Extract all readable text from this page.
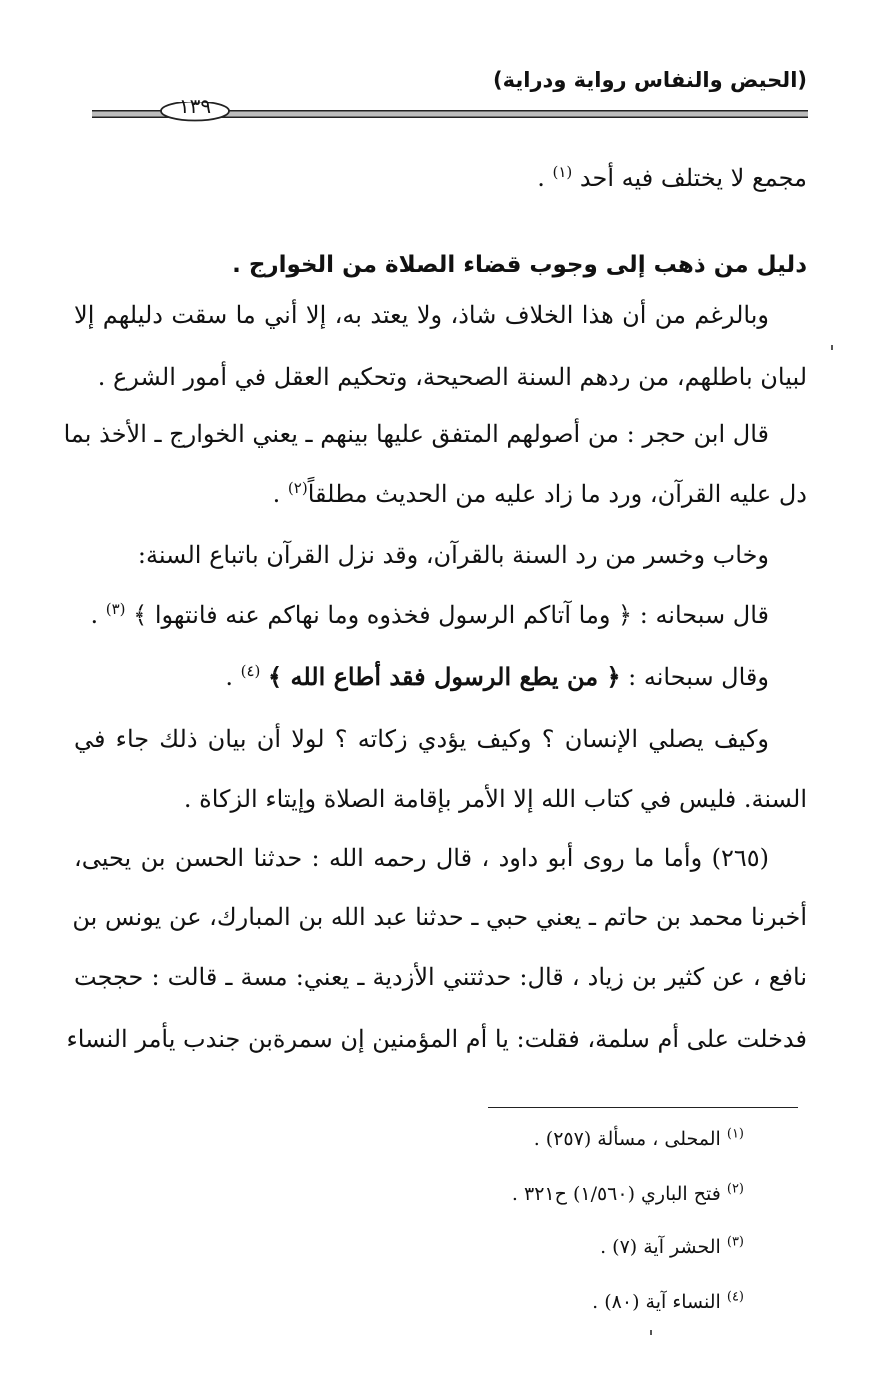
(الحيض والنفاس رواية ودراية)
١٣٩
مجمع لا يختلف فيه أحد $^{(١)}$ .
دليل من ذهب إلى وجوب قضاء الصلاة من الخوارج .
وبالرغم من أن هذا الخلاف شاذ، ولا يعتد به، إلا أني ما سقت دليلهم إلا
لبيان باطلهم، من ردهم السنة الصحيحة، وتحكيم العقل في أمور الشرع .
قال ابن حجر : من أصولهم المتفق عليها بينهم ـ يعني الخوارج ـ الأخذ بما
دل عليه القرآن، ورد ما زاد عليه من الحديث مطلقاً$^{(٢)}$ .
وخاب وخسر من رد السنة بالقرآن، وقد نزل القرآن باتباع السنة:
قال سبحانه : ﴿ وما آتاكم الرسول فخذوه وما نهاكم عنه فانتهوا ﴾ $^{(٣)}$ .
وقال سبحانه : ﴿ من يطع الرسول فقد أطاع الله ﴾ $^{(٤)}$ .
وكيف يصلي الإنسان ؟ وكيف يؤدي زكاته ؟ لولا أن بيان ذلك جاء في
السنة. فليس في كتاب الله إلا الأمر بإقامة الصلاة وإيتاء الزكاة .
(٢٦٥) وأما ما روى أبو داود ، قال رحمه الله : حدثنا الحسن بن يحيى،
أخبرنا محمد بن حاتم ـ يعني حبي ـ حدثنا عبد الله بن المبارك، عن يونس بن
نافع ، عن كثير بن زياد ، قال: حدثتني الأزدية ـ يعني: مسة ـ قالت : حججت
فدخلت على أم سلمة، فقلت: يا أم المؤمنين إن سمرةبن جندب يأمر النساء
$^{(١)}$ المحلى ، مسألة (٢٥٧) .
$^{(٢)}$ فتح الباري (١/٥٦٠) ح٣٢١ .
$^{(٣)}$ الحشر آية (٧) .
$^{(٤)}$ النساء آية (٨٠) .
